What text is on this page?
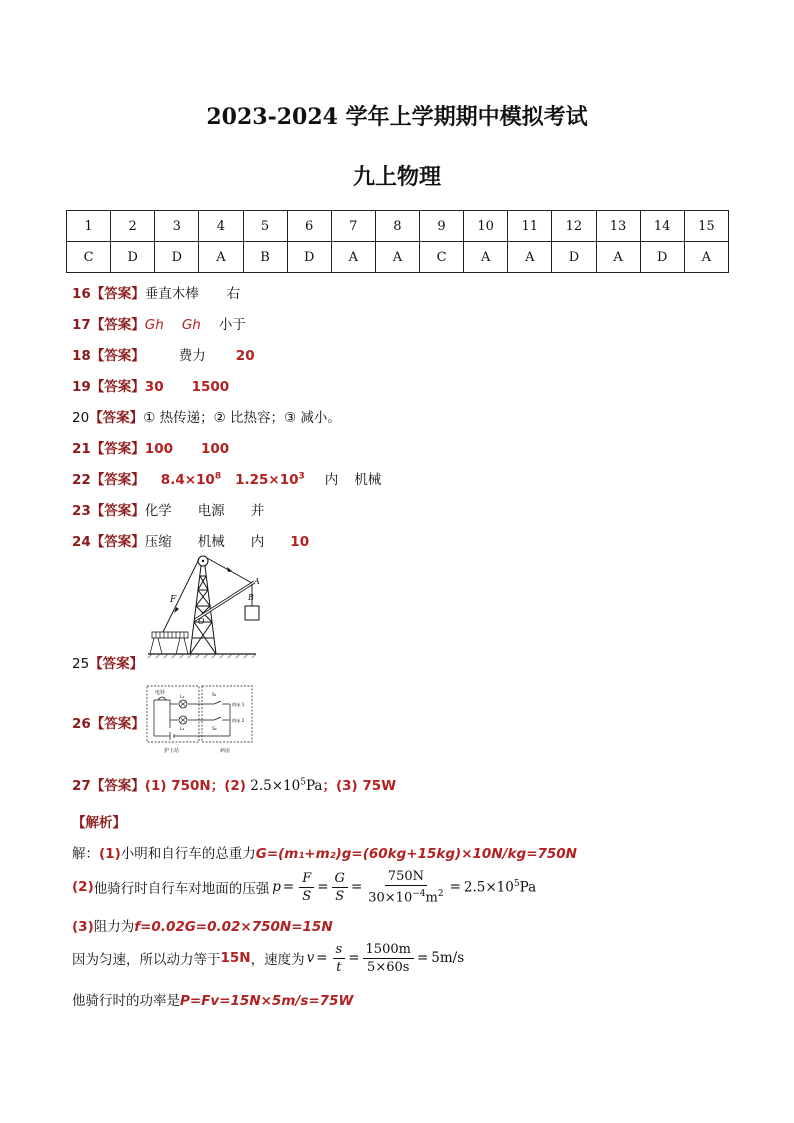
2023-2024 学年上学期期中模拟考试
九上物理
1	2	3	4	5	6	7	8	9	10	11	12	13	14	15
C	D	D	A	B	D	A	A	C	A	A	D	A	D	A
16【答案】垂直木棒 右
17【答案】Gh Gh 小于
18【答案】	费力 20
19【答案】30 1500
20【答案】① 热传递；② 比热容；③ 减小。
21【答案】100 100
22【答案】 $8.4\times 10^8$ $1.25\times 10^3$ 内 机械
23【答案】化学 电源 并
24【答案】压缩 机械 内 10
25【答案】
F
O
A
B
26【答案】
电铃
L₁
L₂
S₁
S₂
病床 1
病床 2
护士站	病房
27【答案】(1) 750N；(2) $2.5\times 10^5Pa$；(3) 75W
【解析】
解：(1)小明和自行车的总重力G=(m₁+m₂)g=(60kg+15kg)×10N/kg=750N
(2) 他骑行时自行车对地面的压强 $p = \frac{F}{S} = \frac{G}{S} = \frac{750N}{30\times 10^{-4}m^2} = 2.5\times 10^5Pa$
(3)阻力为f=0.02G=0.02×750N=15N
因为匀速，所以动力等于 15N ，速度为 $v = \frac{s}{t} = \frac{1500m}{5\times 60s} = 5m/s$
他骑行时的功率是P=Fv=15N×5m/s=75W
